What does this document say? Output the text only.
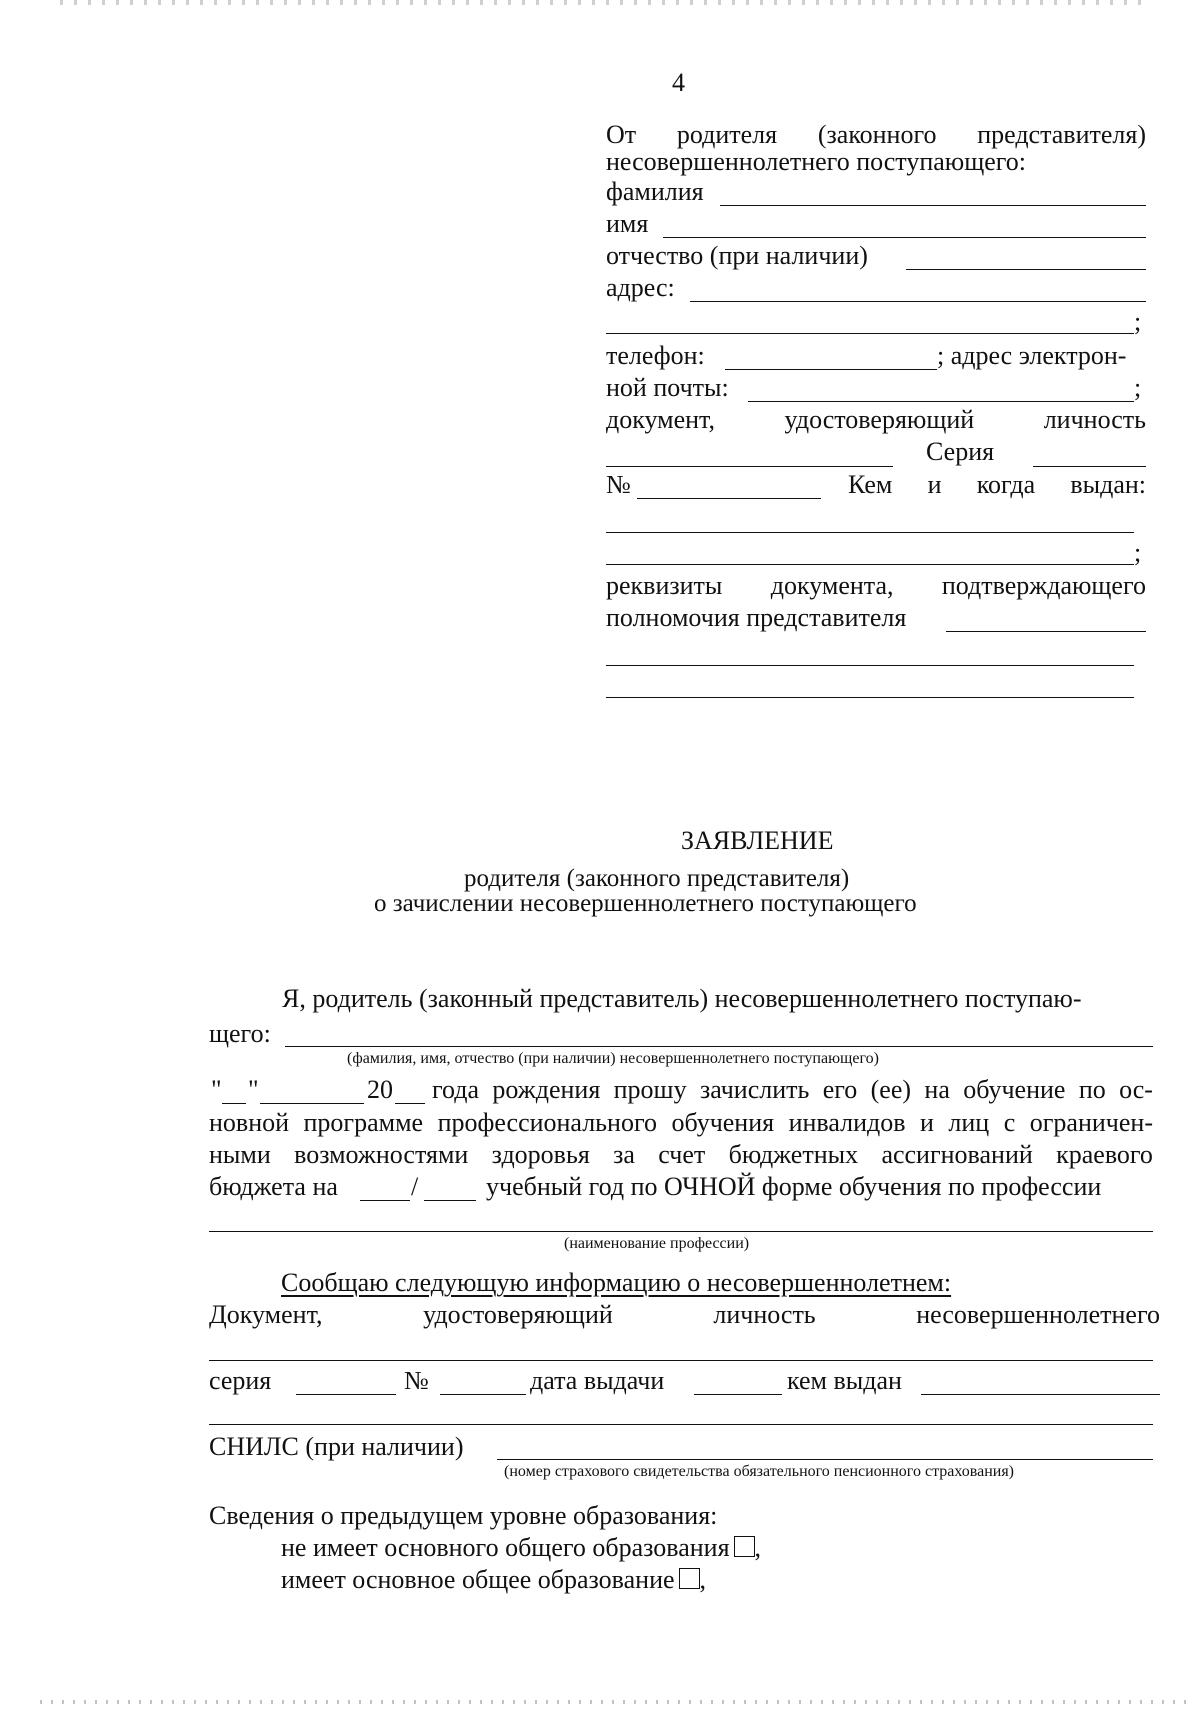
4
От родителя (законного представителя)
несовершеннолетнего поступающего:
фамилия
имя
отчество (при наличии)
адрес:
;
телефон:	; адрес электрон-
ной почты:	;
документ,	удостоверяющий	личность
Серия
№	Кем и когда выдан:
;
реквизиты документа, подтверждающего
полномочия представителя
ЗАЯВЛЕНИЕ
родителя (законного представителя)
о зачислении несовершеннолетнего поступающего
Я, родитель (законный представитель) несовершеннолетнего поступаю-
щего:
(фамилия, имя, отчество (при наличии) несовершеннолетнего поступающего)
" "	20 года рождения прошу зачислить его (ее) на обучение по ос-
новной программе профессионального обучения инвалидов и лиц с ограничен-
ными возможностями здоровья за счет бюджетных ассигнований краевого
бюджета на	/	учебный год по ОЧНОЙ форме обучения по профессии
(наименование профессии)
Сообщаю следующую информацию о несовершеннолетнем:
Документ,	удостоверяющий	личность	несовершеннолетнего
серия	№	дата выдачи	кем выдан
СНИЛС (при наличии)
(номер страхового свидетельства обязательного пенсионного страхования)
Сведения о предыдущем уровне образования:
не имеет основного общего образования ,
имеет основное общее образование ,
